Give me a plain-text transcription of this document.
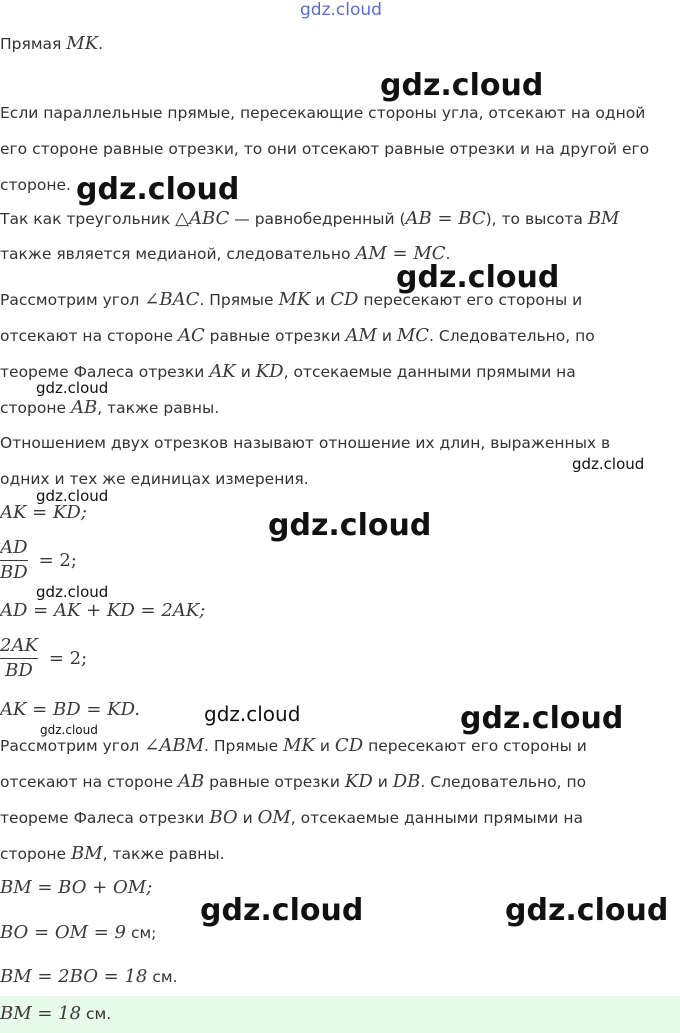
gdz.cloud
Прямая MK.
Если параллельные прямые, пересекающие стороны угла, отсекают на одной
его стороне равные отрезки, то они отсекают равные отрезки и на другой его
стороне.
Так как треугольник △ABC — равнобедренный (AB = BC), то высота BM
также является медианой, следовательно AM = MC.
Рассмотрим угол ∠BAC. Прямые MK и CD пересекают его стороны и
отсекают на стороне AC равные отрезки AM и MC. Следовательно, по
теореме Фалеса отрезки AK и KD, отсекаемые данными прямыми на
стороне AB, также равны.
Отношением двух отрезков называют отношение их длин, выраженных в
одних и тех же единицах измерения.
AK = KD;
$\frac{AD}{BD} = 2$;
AD = AK + KD = 2AK;
$\frac{2AK}{BD} = 2$;
AK = BD = KD.
Рассмотрим угол ∠ABM. Прямые MK и CD пересекают его стороны и
отсекают на стороне AB равные отрезки KD и DB. Следовательно, по
теореме Фалеса отрезки BO и OM, отсекаемые данными прямыми на
стороне BM, также равны.
BM = BO + OM;
BO = OM = 9 см;
BM = 2BO = 18 см.
BM = 18 см.
gdz.cloud
gdz.cloud
gdz.cloud
gdz.cloud
gdz.cloud
gdz.cloud
gdz.cloud
gdz.cloud
gdz.cloud	gdz.cloud
gdz.cloud
gdz.cloud	gdz.cloud
